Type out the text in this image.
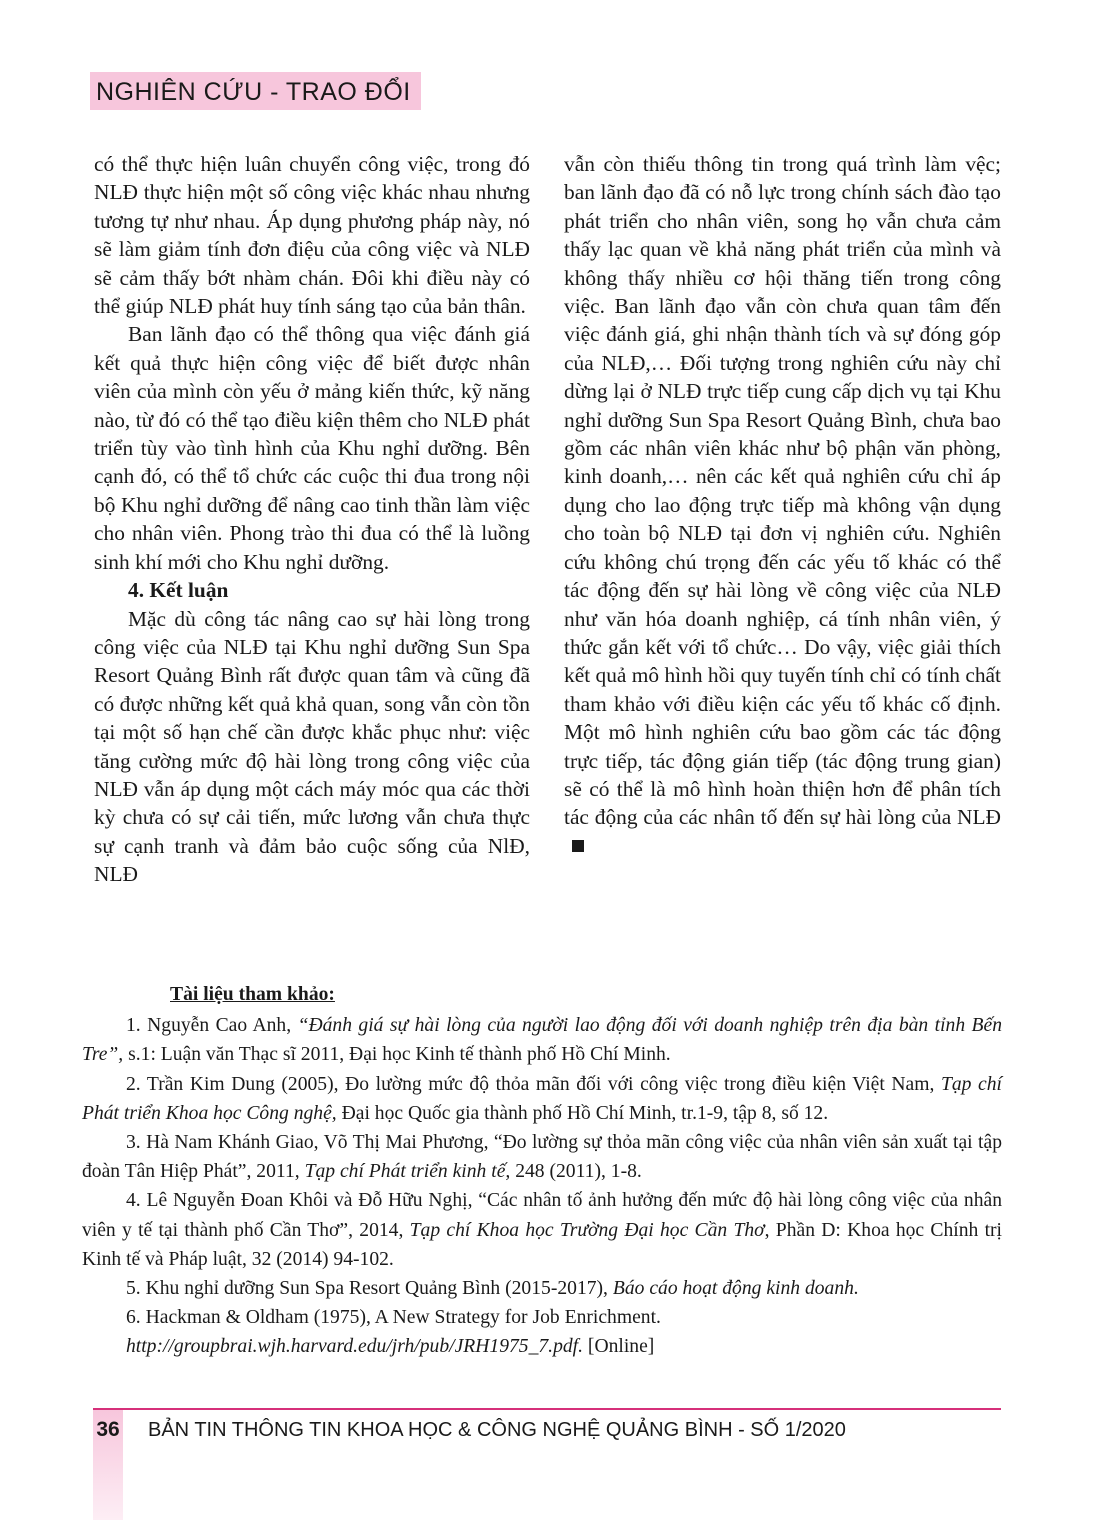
NGHIÊN CỨU - TRAO ĐỔI

có thể thực hiện luân chuyển công việc, trong đó NLĐ thực hiện một số công việc khác nhau nhưng tương tự như nhau. Áp dụng phương pháp này, nó sẽ làm giảm tính đơn điệu của công việc và NLĐ sẽ cảm thấy bớt nhàm chán. Đôi khi điều này có thể giúp NLĐ phát huy tính sáng tạo của bản thân.

Ban lãnh đạo có thể thông qua việc đánh giá kết quả thực hiện công việc để biết được nhân viên của mình còn yếu ở mảng kiến thức, kỹ năng nào, từ đó có thể tạo điều kiện thêm cho NLĐ phát triển tùy vào tình hình của Khu nghỉ dưỡng. Bên cạnh đó, có thể tổ chức các cuộc thi đua trong nội bộ Khu nghỉ dưỡng để nâng cao tinh thần làm việc cho nhân viên. Phong trào thi đua có thể là luồng sinh khí mới cho Khu nghỉ dưỡng.

4. Kết luận

Mặc dù công tác nâng cao sự hài lòng trong công việc của NLĐ tại Khu nghỉ dưỡng Sun Spa Resort Quảng Bình rất được quan tâm và cũng đã có được những kết quả khả quan, song vẫn còn tồn tại một số hạn chế cần được khắc phục như: việc tăng cường mức độ hài lòng trong công việc của NLĐ vẫn áp dụng một cách máy móc qua các thời kỳ chưa có sự cải tiến, mức lương vẫn chưa thực sự cạnh tranh và đảm bảo cuộc sống của NlĐ, NLĐ

vẫn còn thiếu thông tin trong quá trình làm vệc; ban lãnh đạo đã có nỗ lực trong chính sách đào tạo phát triển cho nhân viên, song họ vẫn chưa cảm thấy lạc quan về khả năng phát triển của mình và không thấy nhiều cơ hội thăng tiến trong công việc. Ban lãnh đạo vẫn còn chưa quan tâm đến việc đánh giá, ghi nhận thành tích và sự đóng góp của NLĐ,… Đối tượng trong nghiên cứu này chỉ dừng lại ở NLĐ trực tiếp cung cấp dịch vụ tại Khu nghỉ dưỡng Sun Spa Resort Quảng Bình, chưa bao gồm các nhân viên khác như bộ phận văn phòng, kinh doanh,… nên các kết quả nghiên cứu chỉ áp dụng cho lao động trực tiếp mà không vận dụng cho toàn bộ NLĐ tại đơn vị nghiên cứu. Nghiên cứu không chú trọng đến các yếu tố khác có thể tác động đến sự hài lòng về công việc của NLĐ như văn hóa doanh nghiệp, cá tính nhân viên, ý thức gắn kết với tổ chức… Do vậy, việc giải thích kết quả mô hình hồi quy tuyến tính chỉ có tính chất tham khảo với điều kiện các yếu tố khác cố định. Một mô hình nghiên cứu bao gồm các tác động trực tiếp, tác động gián tiếp (tác động trung gian) sẽ có thể là mô hình hoàn thiện hơn để phân tích tác động của các nhân tố đến sự hài lòng của NLĐ

Tài liệu tham khảo:

1. Nguyễn Cao Anh, “Đánh giá sự hài lòng của người lao động đối với doanh nghiệp trên địa bàn tỉnh Bến Tre”, s.1: Luận văn Thạc sĩ 2011, Đại học Kinh tế thành phố Hồ Chí Minh.

2. Trần Kim Dung (2005), Đo lường mức độ thỏa mãn đối với công việc trong điều kiện Việt Nam, Tạp chí Phát triển Khoa học Công nghệ, Đại học Quốc gia thành phố Hồ Chí Minh, tr.1-9, tập 8, số 12.

3. Hà Nam Khánh Giao, Võ Thị Mai Phương, “Đo lường sự thỏa mãn công việc của nhân viên sản xuất tại tập đoàn Tân Hiệp Phát”, 2011, Tạp chí Phát triển kinh tế, 248 (2011), 1-8.

4. Lê Nguyễn Đoan Khôi và Đỗ Hữu Nghị, “Các nhân tố ảnh hưởng đến mức độ hài lòng công việc của nhân viên y tế tại thành phố Cần Thơ”, 2014, Tạp chí Khoa học Trường Đại học Cần Thơ, Phần D: Khoa học Chính trị Kinh tế và Pháp luật, 32 (2014) 94-102.

5. Khu nghỉ dưỡng Sun Spa Resort Quảng Bình (2015-2017), Báo cáo hoạt động kinh doanh.

6. Hackman & Oldham (1975), A New Strategy for Job Enrichment.

http://groupbrai.wjh.harvard.edu/jrh/pub/JRH1975_7.pdf. [Online]

36 BẢN TIN THÔNG TIN KHOA HỌC & CÔNG NGHỆ QUẢNG BÌNH - SỐ 1/2020
